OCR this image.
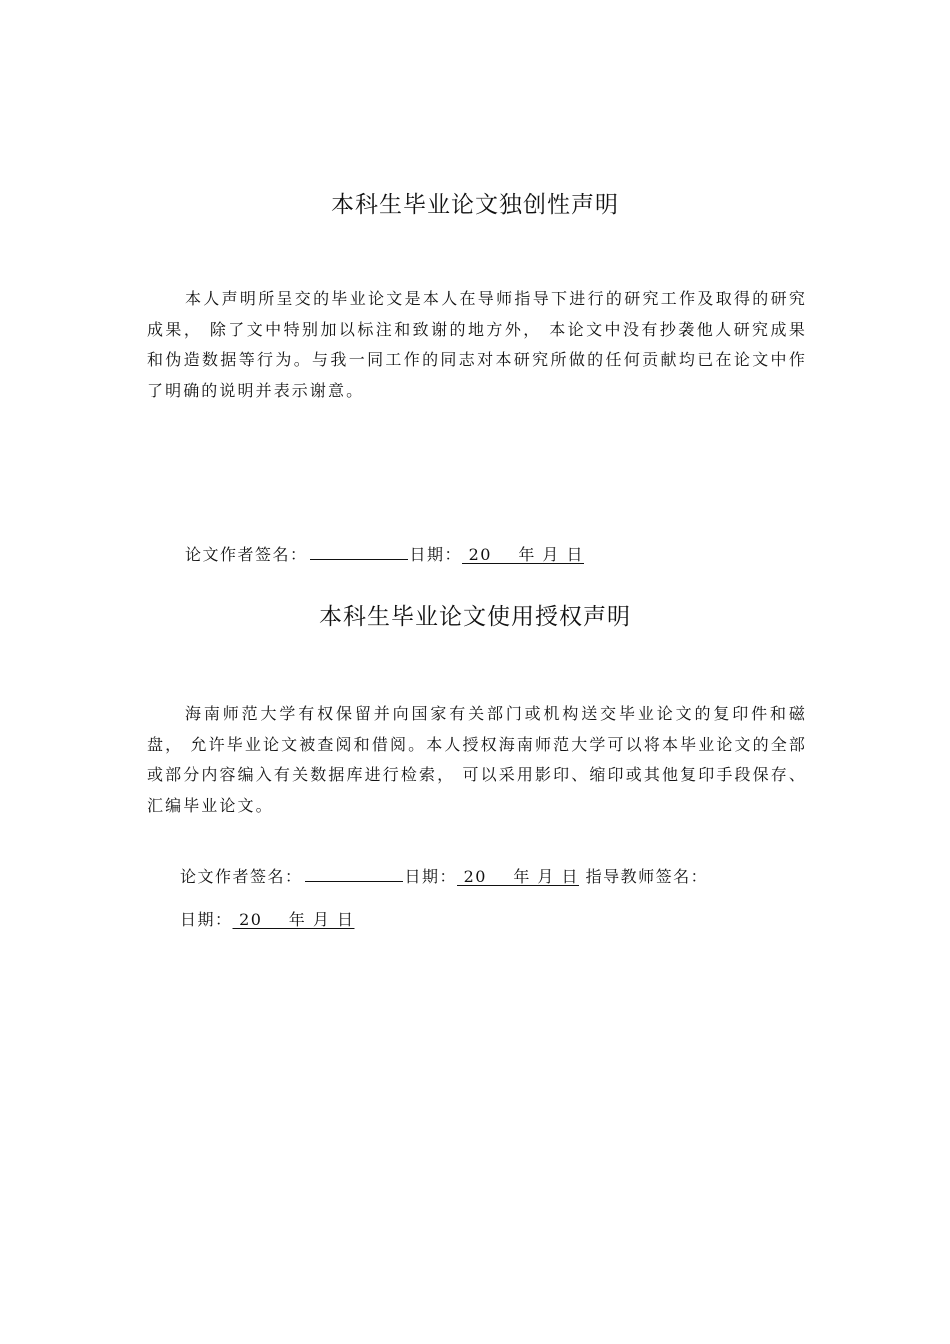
本科生毕业论文独创性声明

本人声明所呈交的毕业论文是本人在导师指导下进行的研究工作及取得的研究成果， 除了文中特别加以标注和致谢的地方外， 本论文中没有抄袭他人研究成果和伪造数据等行为。与我一同工作的同志对本研究所做的任何贡献均已在论文中作了明确的说明并表示谢意。

论文作者签名：	日期： 20    年 月 日
本科生毕业论文使用授权声明

海南师范大学有权保留并向国家有关部门或机构送交毕业论文的复印件和磁盘， 允许毕业论文被查阅和借阅。本人授权海南师范大学可以将本毕业论文的全部或部分内容编入有关数据库进行检索， 可以采用影印、缩印或其他复印手段保存、汇编毕业论文。

论文作者签名：	日期： 20    年 月 日 指导教师签名：
日期： 20    年 月 日
